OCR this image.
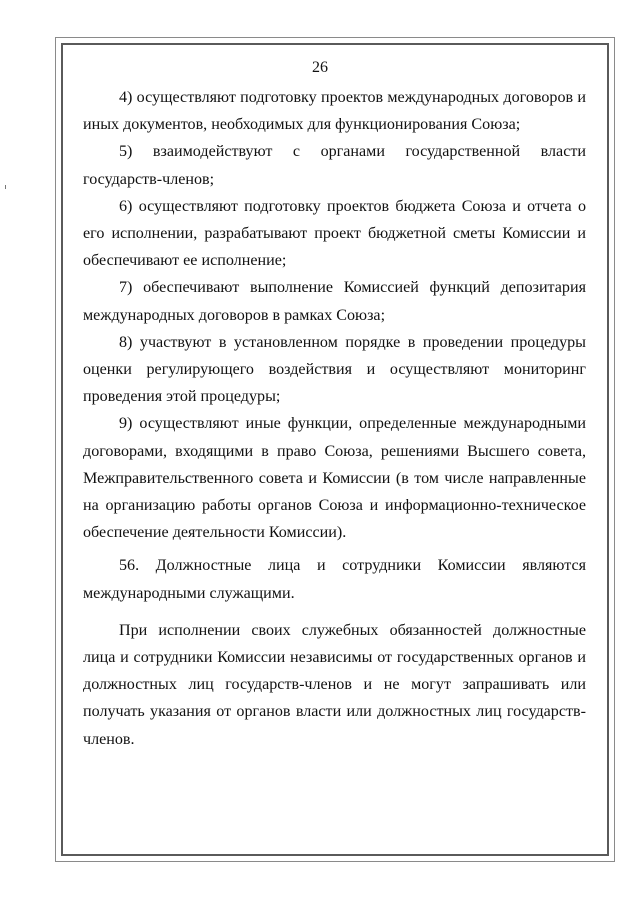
26

4) осуществляют подготовку проектов международных договоров и иных документов, необходимых для функционирования Союза;

5) взаимодействуют с органами государственной власти государств-членов;

6) осуществляют подготовку проектов бюджета Союза и отчета о его исполнении, разрабатывают проект бюджетной сметы Комиссии и обеспечивают ее исполнение;

7) обеспечивают выполнение Комиссией функций депозитария международных договоров в рамках Союза;

8) участвуют в установленном порядке в проведении процедуры оценки регулирующего воздействия и осуществляют мониторинг проведения этой процедуры;

9) осуществляют иные функции, определенные международными договорами, входящими в право Союза, решениями Высшего совета, Межправительственного совета и Комиссии (в том числе направленные на организацию работы органов Союза и информационно-техническое обеспечение деятельности Комиссии).

56. Должностные лица и сотрудники Комиссии являются международными служащими.

При исполнении своих служебных обязанностей должностные лица и сотрудники Комиссии независимы от государственных органов и должностных лиц государств-членов и не могут запрашивать или получать указания от органов власти или должностных лиц государств-членов.
